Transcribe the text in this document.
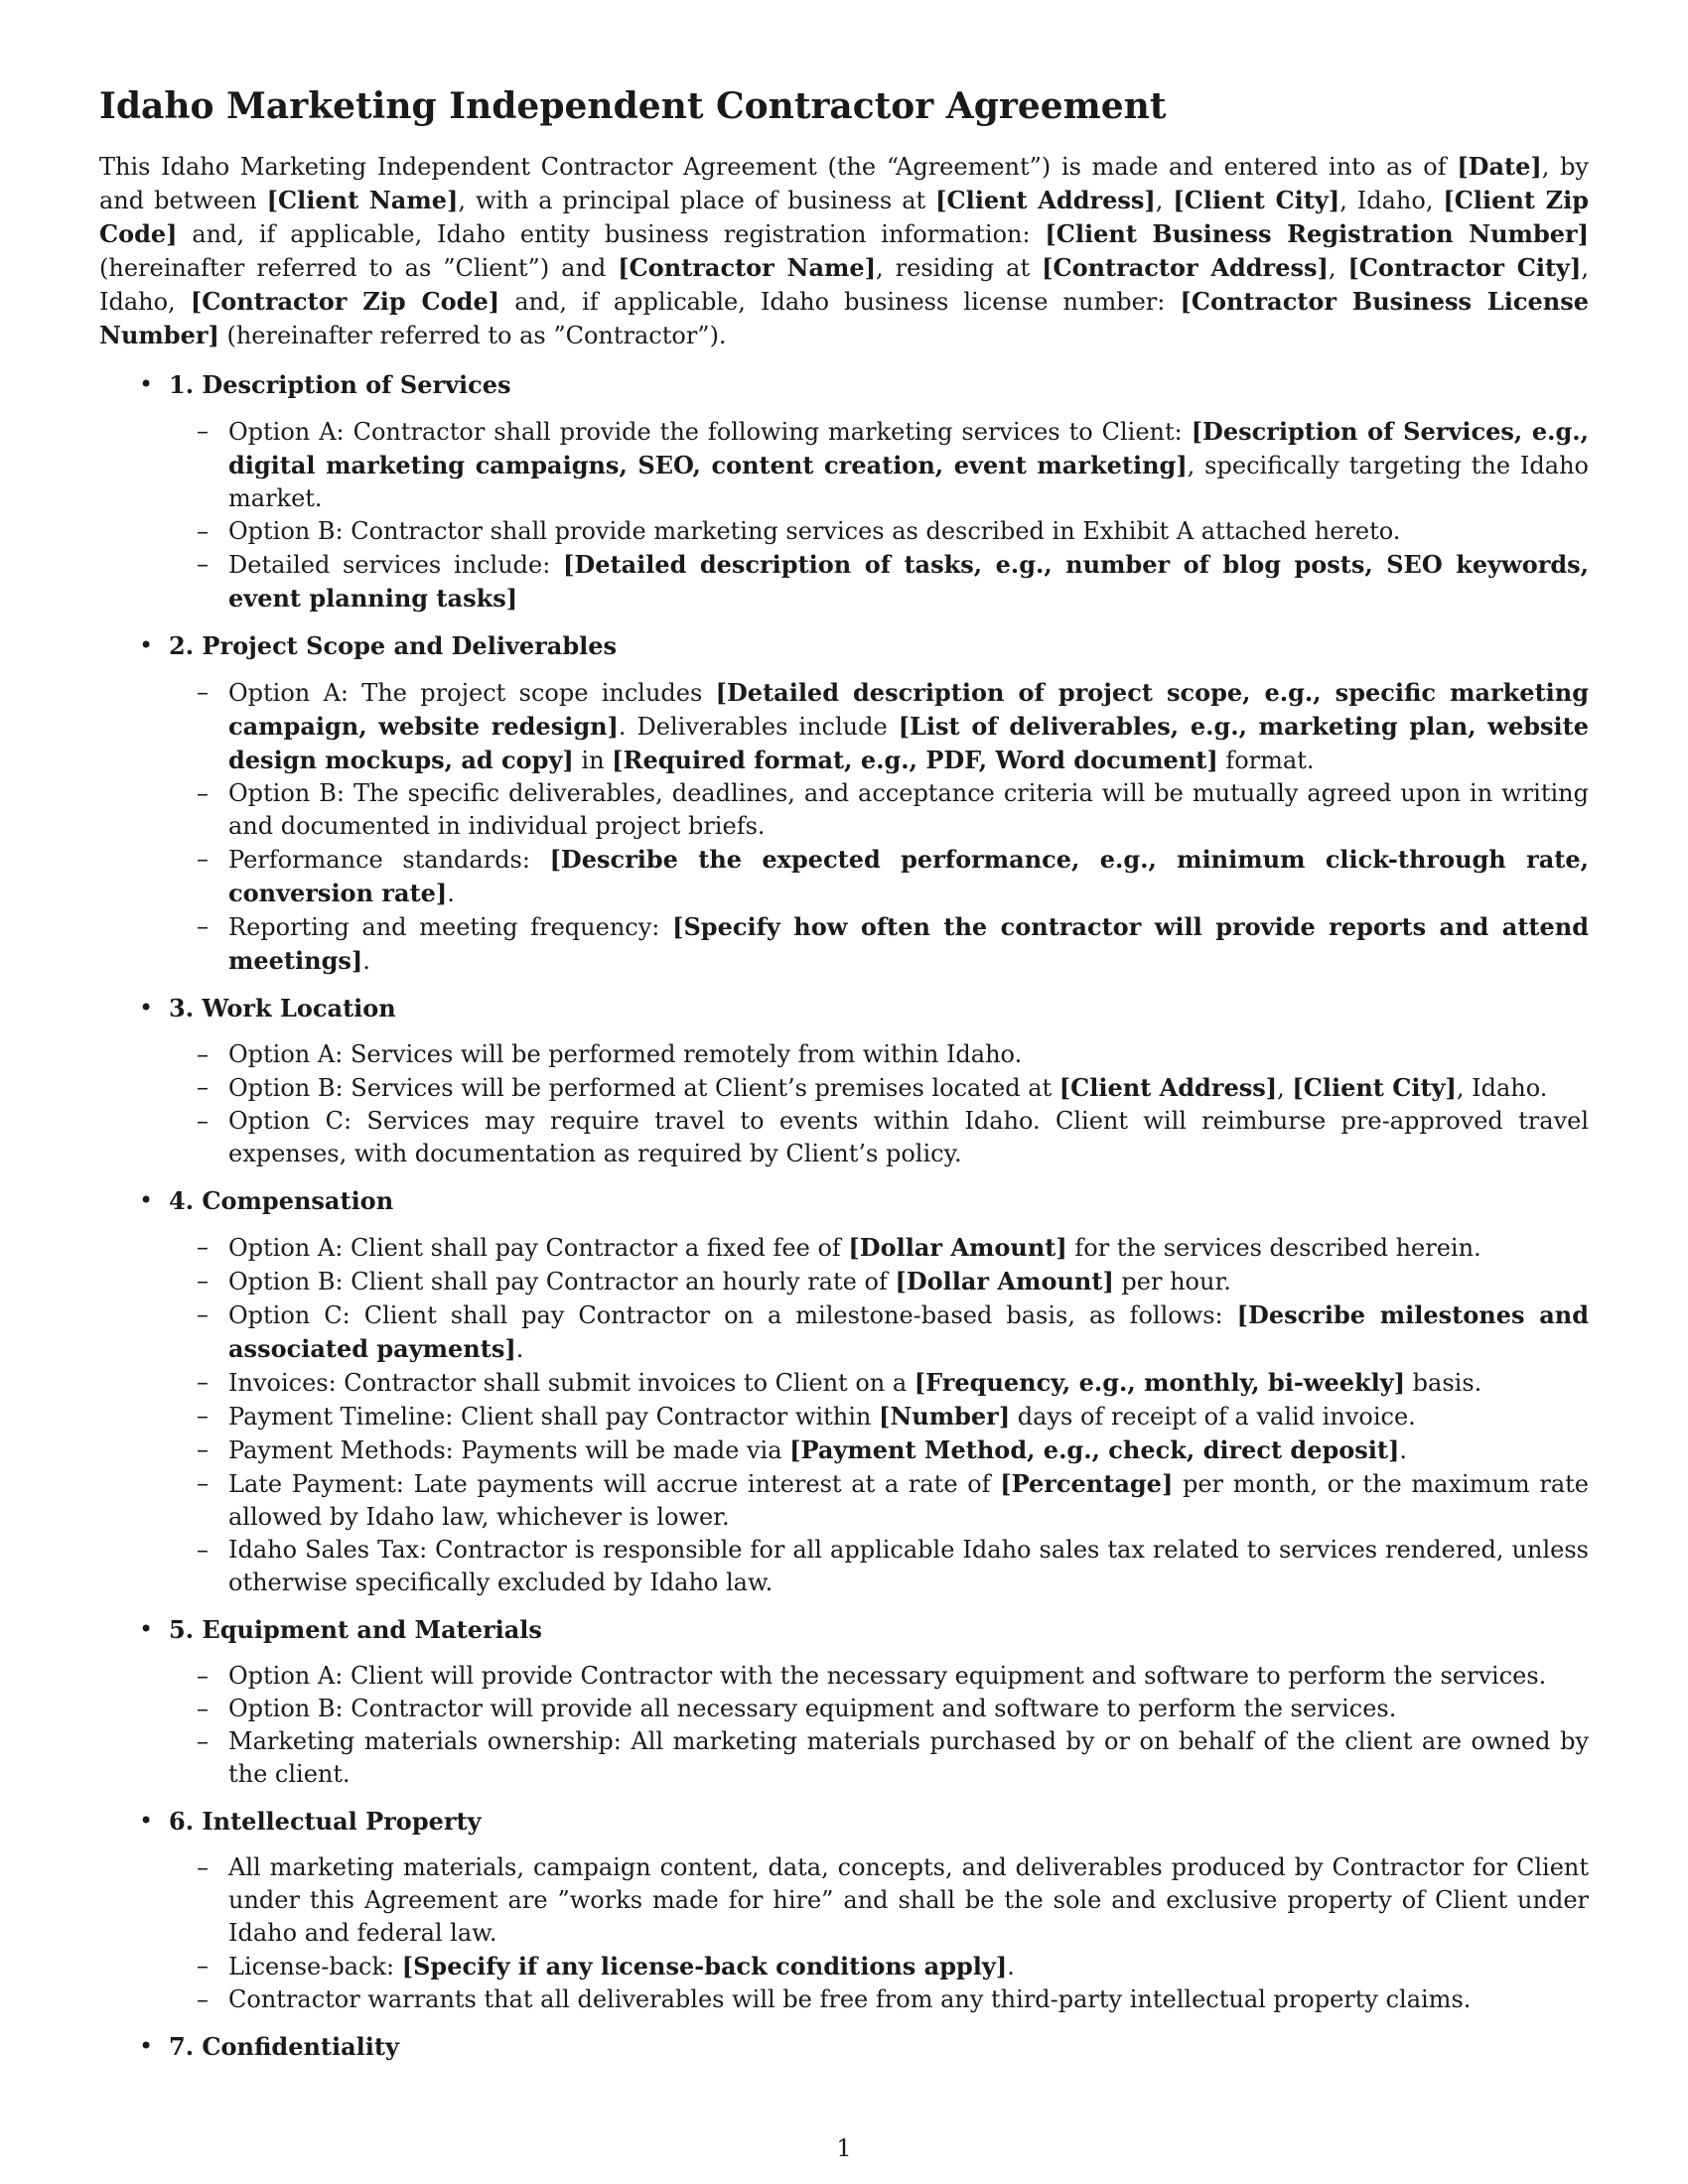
Idaho Marketing Independent Contractor Agreement

This Idaho Marketing Independent Contractor Agreement (the “Agreement”) is made and entered into as of [Date], by and between [Client Name], with a principal place of business at [Client Address], [Client City], Idaho, [Client Zip Code] and, if applicable, Idaho entity business registration information: [Client Business Registration Number] (hereinafter referred to as ”Client”) and [Contractor Name], residing at [Contractor Address], [Contractor City], Idaho, [Contractor Zip Code] and, if applicable, Idaho business license number: [Contractor Business License Number] (hereinafter referred to as ”Contractor”).

• 1. Description of Services
– Option A: Contractor shall provide the following marketing services to Client: [Description of Services, e.g., digital marketing campaigns, SEO, content creation, event marketing], specifically targeting the Idaho market.
– Option B: Contractor shall provide marketing services as described in Exhibit A attached hereto.
– Detailed services include: [Detailed description of tasks, e.g., number of blog posts, SEO keywords, event planning tasks]
• 2. Project Scope and Deliverables
– Option A: The project scope includes [Detailed description of project scope, e.g., specific marketing campaign, website redesign]. Deliverables include [List of deliverables, e.g., marketing plan, website design mockups, ad copy] in [Required format, e.g., PDF, Word document] format.
– Option B: The specific deliverables, deadlines, and acceptance criteria will be mutually agreed upon in writing and documented in individual project briefs.
– Performance standards: [Describe the expected performance, e.g., minimum click-through rate, conversion rate].
– Reporting and meeting frequency: [Specify how often the contractor will provide reports and attend meetings].
• 3. Work Location
– Option A: Services will be performed remotely from within Idaho.
– Option B: Services will be performed at Client’s premises located at [Client Address], [Client City], Idaho.
– Option C: Services may require travel to events within Idaho. Client will reimburse pre-approved travel expenses, with documentation as required by Client’s policy.
• 4. Compensation
– Option A: Client shall pay Contractor a fixed fee of [Dollar Amount] for the services described herein.
– Option B: Client shall pay Contractor an hourly rate of [Dollar Amount] per hour.
– Option C: Client shall pay Contractor on a milestone-based basis, as follows: [Describe milestones and associated payments].
– Invoices: Contractor shall submit invoices to Client on a [Frequency, e.g., monthly, bi-weekly] basis.
– Payment Timeline: Client shall pay Contractor within [Number] days of receipt of a valid invoice.
– Payment Methods: Payments will be made via [Payment Method, e.g., check, direct deposit].
– Late Payment: Late payments will accrue interest at a rate of [Percentage] per month, or the maximum rate allowed by Idaho law, whichever is lower.
– Idaho Sales Tax: Contractor is responsible for all applicable Idaho sales tax related to services rendered, unless otherwise specifically excluded by Idaho law.
• 5. Equipment and Materials
– Option A: Client will provide Contractor with the necessary equipment and software to perform the services.
– Option B: Contractor will provide all necessary equipment and software to perform the services.
– Marketing materials ownership: All marketing materials purchased by or on behalf of the client are owned by the client.
• 6. Intellectual Property
– All marketing materials, campaign content, data, concepts, and deliverables produced by Contractor for Client under this Agreement are ”works made for hire” and shall be the sole and exclusive property of Client under Idaho and federal law.
– License-back: [Specify if any license-back conditions apply].
– Contractor warrants that all deliverables will be free from any third-party intellectual property claims.
• 7. Confidentiality
1
